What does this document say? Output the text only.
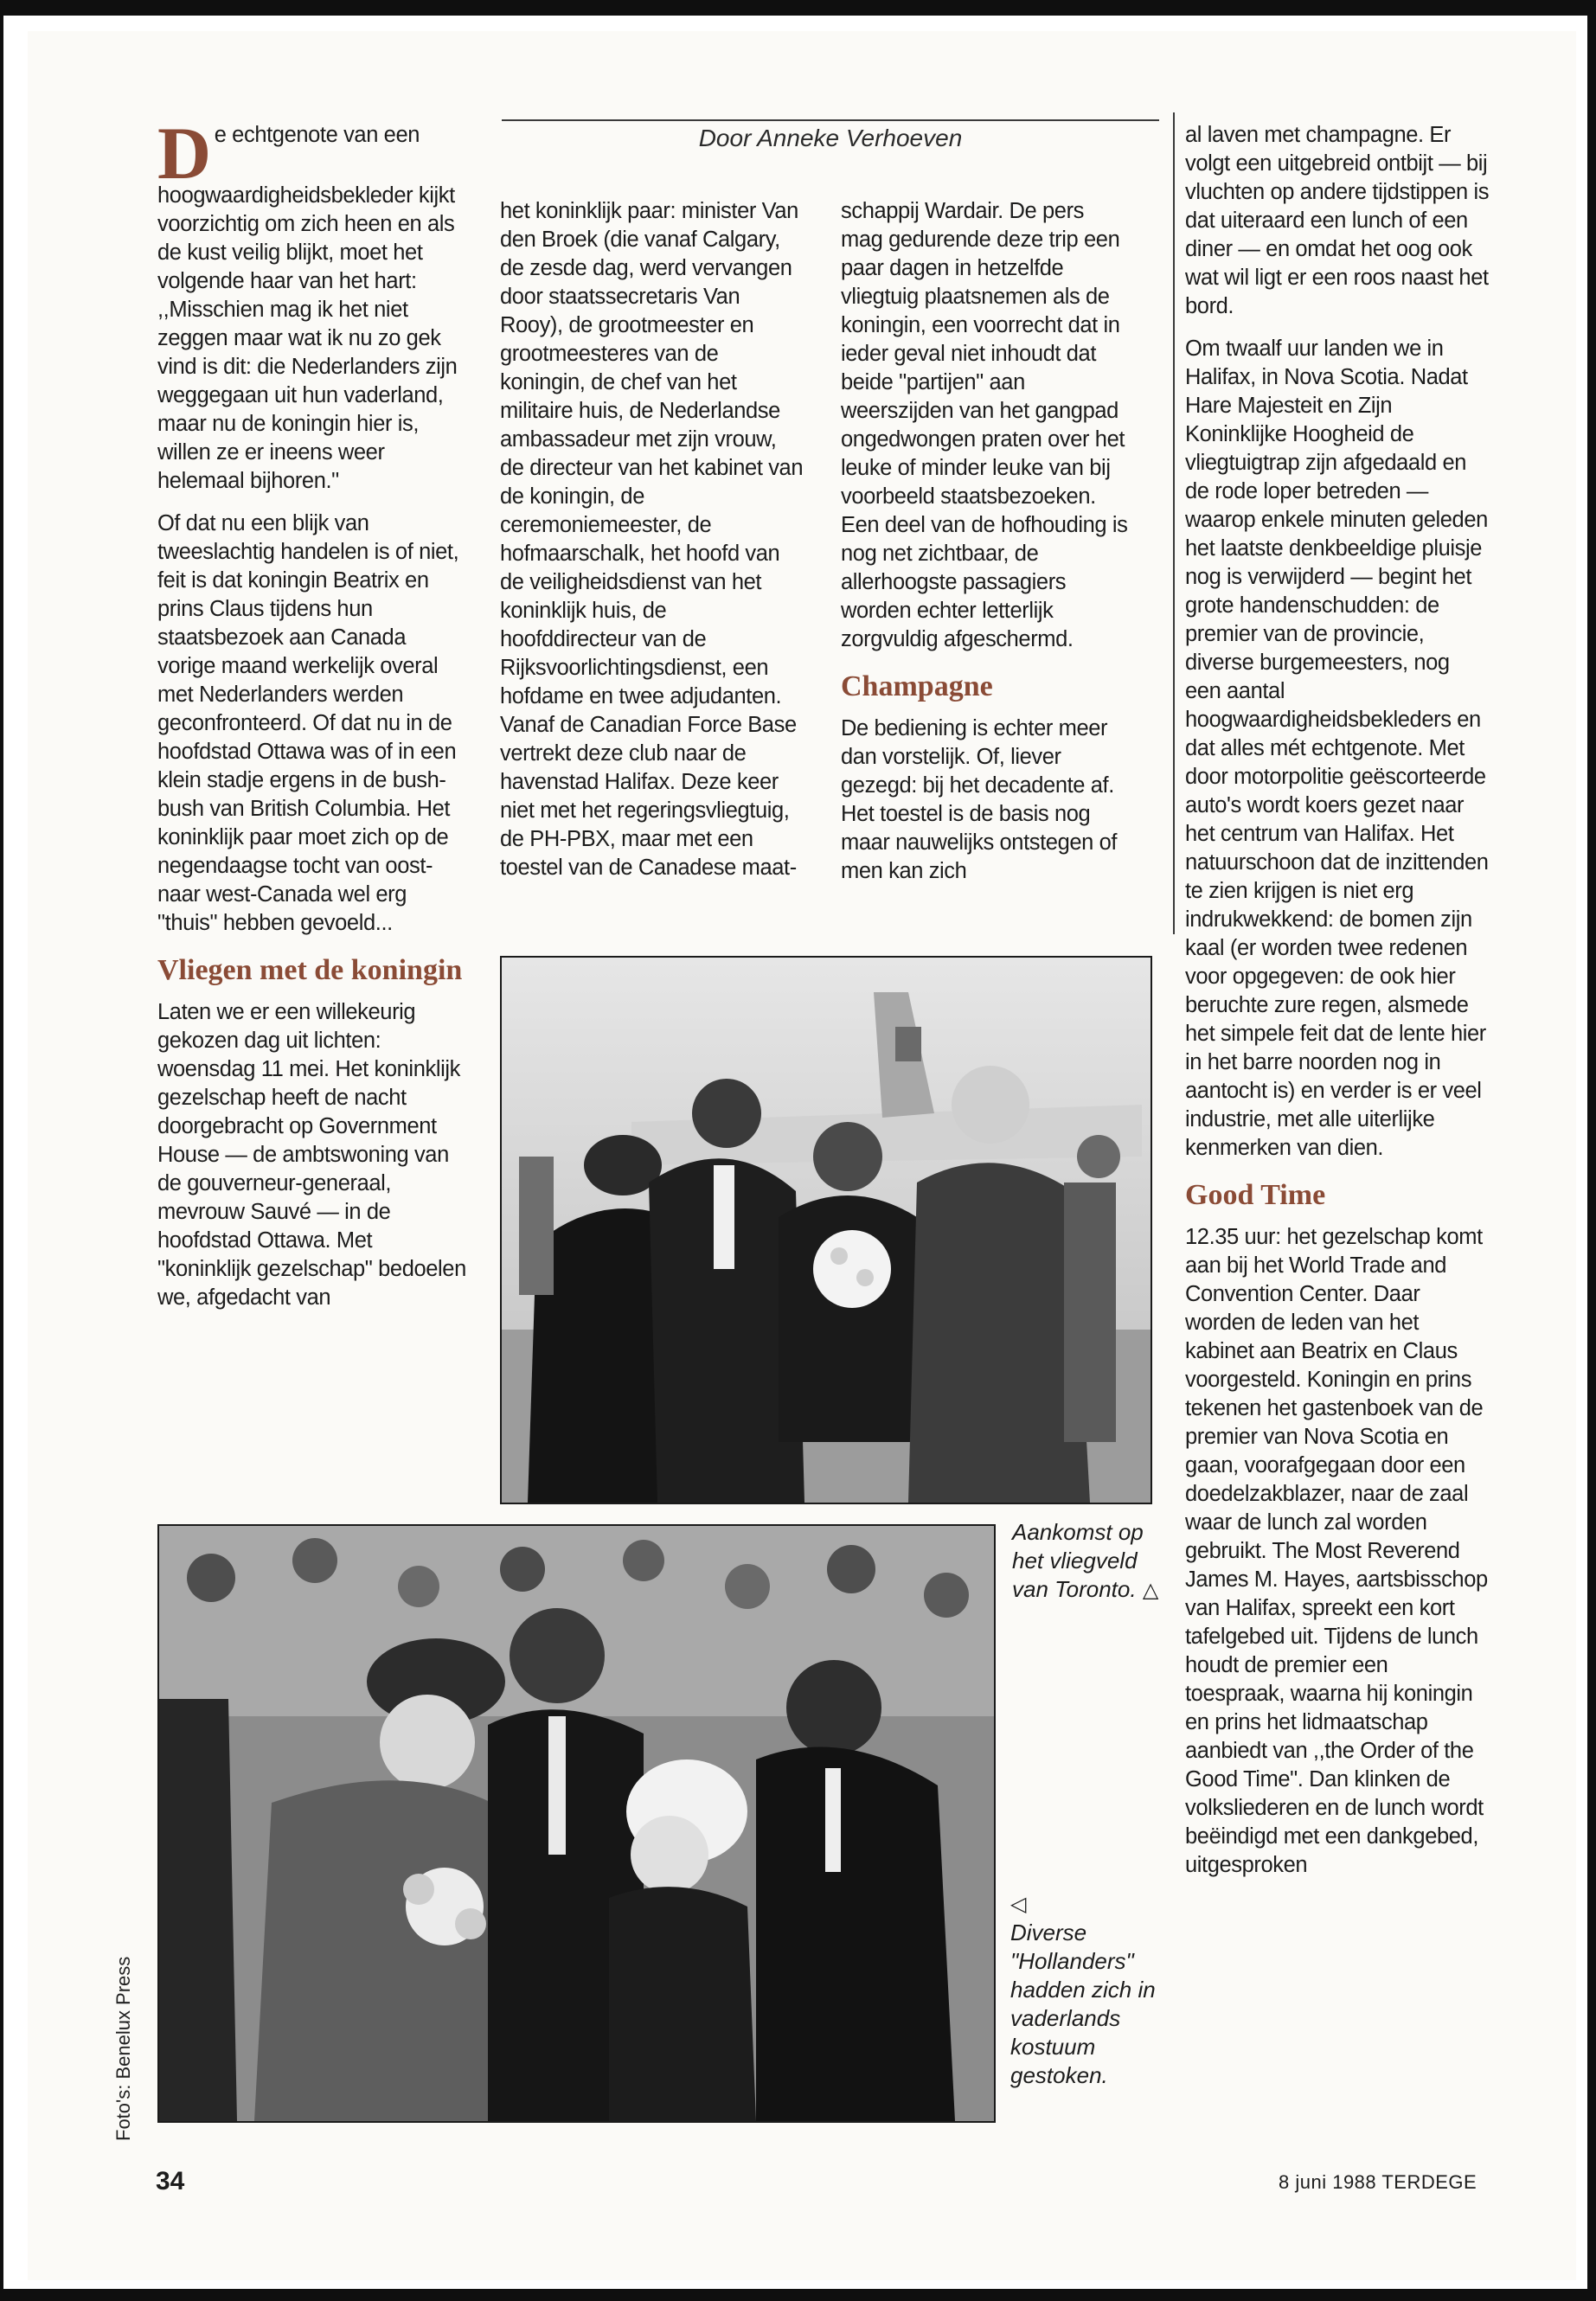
Door Anneke Verhoeven

De echtgenote van een hoogwaardigheidsbekleder kijkt voorzichtig om zich heen en als de kust veilig blijkt, moet het volgende haar van het hart: ,,Misschien mag ik het niet zeggen maar wat ik nu zo gek vind is dit: die Nederlanders zijn weggegaan uit hun vaderland, maar nu de koningin hier is, willen ze er ineens weer helemaal bijhoren."

Of dat nu een blijk van tweeslachtig handelen is of niet, feit is dat koningin Beatrix en prins Claus tijdens hun staatsbezoek aan Canada vorige maand werkelijk overal met Nederlanders werden geconfronteerd. Of dat nu in de hoofdstad Ottawa was of in een klein stadje ergens in de bush-bush van British Columbia. Het koninklijk paar moet zich op de negendaagse tocht van oost- naar west-Canada wel erg "thuis" hebben gevoeld...

Vliegen met de koningin

Laten we er een willekeurig gekozen dag uit lichten: woensdag 11 mei. Het koninklijk gezelschap heeft de nacht doorgebracht op Government House — de ambtswoning van de gouverneur-generaal, mevrouw Sauvé — in de hoofdstad Ottawa. Met "koninklijk gezelschap" bedoelen we, afgedacht van

het koninklijk paar: minister Van den Broek (die vanaf Calgary, de zesde dag, werd vervangen door staatssecretaris Van Rooy), de grootmeester en grootmeesteres van de koningin, de chef van het militaire huis, de Nederlandse ambassadeur met zijn vrouw, de directeur van het kabinet van de koningin, de ceremoniemeester, de hofmaarschalk, het hoofd van de veiligheidsdienst van het koninklijk huis, de hoofddirecteur van de Rijksvoorlichtingsdienst, een hofdame en twee adjudanten. Vanaf de Canadian Force Base vertrekt deze club naar de havenstad Halifax. Deze keer niet met het regeringsvliegtuig, de PH-PBX, maar met een toestel van de Canadese maat-

schappij Wardair. De pers mag gedurende deze trip een paar dagen in hetzelfde vliegtuig plaatsnemen als de koningin, een voorrecht dat in ieder geval niet inhoudt dat beide "partijen" aan weerszijden van het gangpad ongedwongen praten over het leuke of minder leuke van bij voorbeeld staatsbezoeken. Een deel van de hofhouding is nog net zichtbaar, de allerhoogste passagiers worden echter letterlijk zorgvuldig afgeschermd.

Champagne

De bediening is echter meer dan vorstelijk. Of, liever gezegd: bij het decadente af. Het toestel is de basis nog maar nauwelijks ontstegen of men kan zich

al laven met champagne. Er volgt een uitgebreid ontbijt — bij vluchten op andere tijdstippen is dat uiteraard een lunch of een diner — en omdat het oog ook wat wil ligt er een roos naast het bord.

Om twaalf uur landen we in Halifax, in Nova Scotia. Nadat Hare Majesteit en Zijn Koninklijke Hoogheid de vliegtuigtrap zijn afgedaald en de rode loper betreden — waarop enkele minuten geleden het laatste denkbeeldige pluisje nog is verwijderd — begint het grote handenschudden: de premier van de provincie, diverse burgemeesters, nog een aantal hoogwaardigheidsbekleders en dat alles mét echtgenote. Met door motorpolitie geëscorteerde auto's wordt koers gezet naar het centrum van Halifax. Het natuurschoon dat de inzittenden te zien krijgen is niet erg indrukwekkend: de bomen zijn kaal (er worden twee redenen voor opgegeven: de ook hier beruchte zure regen, alsmede het simpele feit dat de lente hier in het barre noorden nog in aantocht is) en verder is er veel industrie, met alle uiterlijke kenmerken van dien.

Good Time

12.35 uur: het gezelschap komt aan bij het World Trade and Convention Center. Daar worden de leden van het kabinet aan Beatrix en Claus voorgesteld. Koningin en prins tekenen het gastenboek van de premier van Nova Scotia en gaan, voorafgegaan door een doedelzakblazer, naar de zaal waar de lunch zal worden gebruikt. The Most Reverend James M. Hayes, aartsbisschop van Halifax, spreekt een kort tafelgebed uit. Tijdens de lunch houdt de premier een toespraak, waarna hij koningin en prins het lidmaatschap aanbiedt van ,,the Order of the Good Time". Dan klinken de volksliederen en de lunch wordt beëindigd met een dankgebed, uitgesproken

Aankomst op het vliegveld van Toronto. △
◁
Diverse "Hollanders" hadden zich in vaderlands kostuum gestoken.
Foto's: Benelux Press
34	8 juni 1988 TERDEGE
